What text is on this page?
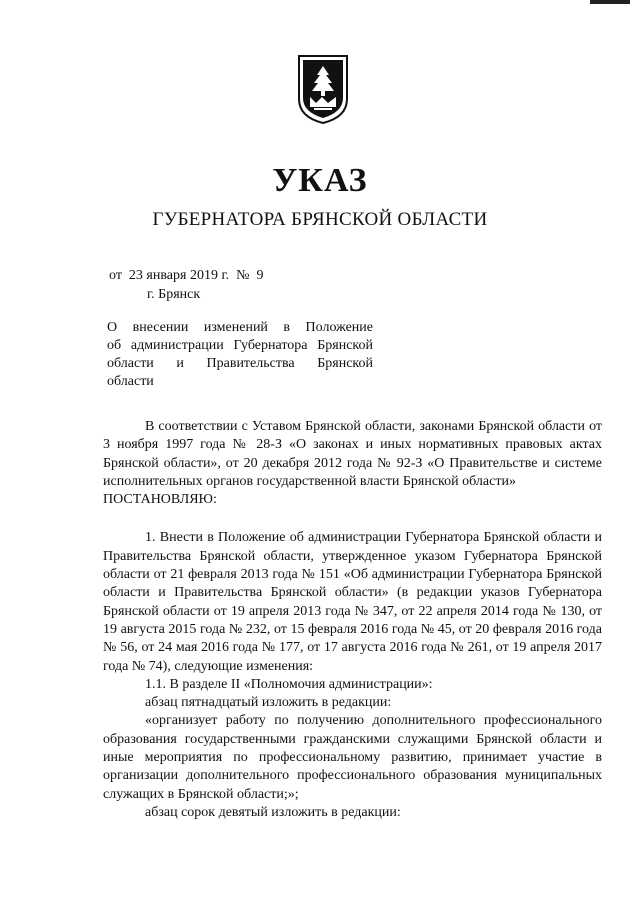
УКАЗ
ГУБЕРНАТОРА БРЯНСКОЙ ОБЛАСТИ
от  23 января 2019 г.  №  9
г. Брянск
О внесении изменений в Положение
об администрации Губернатора Брянской
области и Правительства Брянской
области

В соответствии с Уставом Брянской области, законами Брянской области от 3 ноября 1997 года № 28-З «О законах и иных нормативных правовых актах Брянской области», от 20 декабря 2012 года № 92-З «О Правительстве и системе исполнительных органов государственной власти Брянской области»

ПОСТАНОВЛЯЮ:

1. Внести в Положение об администрации Губернатора Брянской области и Правительства Брянской области, утвержденное указом Губернатора Брянской области от 21 февраля 2013 года № 151 «Об администрации Губернатора Брянской области и Правительства Брянской области» (в редакции указов Губернатора Брянской области от 19 апреля 2013 года № 347, от 22 апреля 2014 года № 130, от 19 августа 2015 года № 232, от 15 февраля 2016 года № 45, от 20 февраля 2016 года № 56, от 24 мая 2016 года № 177, от 17 августа 2016 года № 261, от 19 апреля 2017 года № 74), следующие изменения:

1.1. В разделе II «Полномочия администрации»:

абзац пятнадцатый изложить в редакции:

«организует работу по получению дополнительного профессионального образования государственными гражданскими служащими Брянской области и иные мероприятия по профессиональному развитию, принимает участие в организации дополнительного профессионального образования муниципальных служащих в Брянской области;»;

абзац сорок девятый изложить в редакции:
